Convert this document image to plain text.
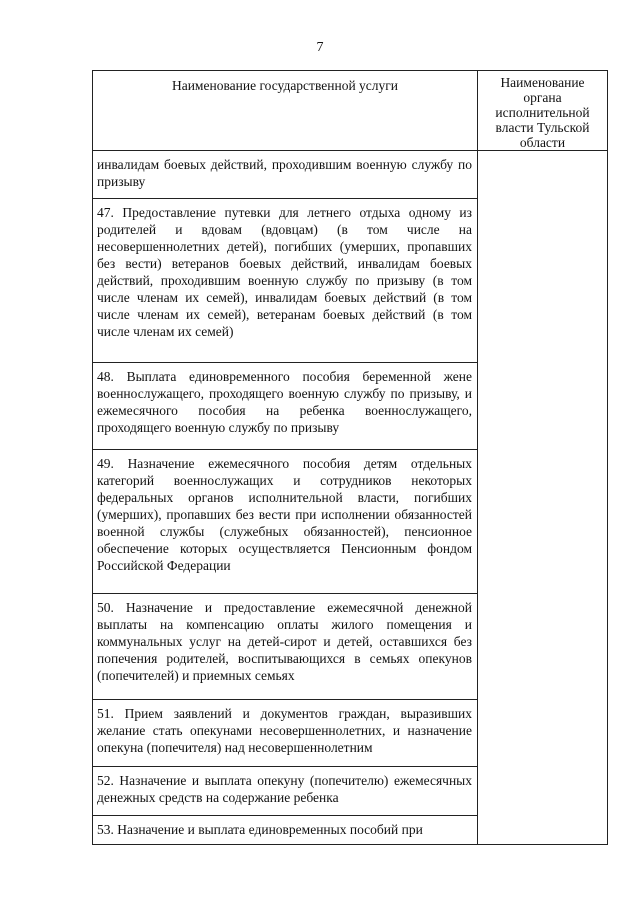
7
Наименование государственной услуги	Наименование органа исполнительной власти Тульской области

инвалидам боевых действий, проходившим военную службу по призыву	

47. Предоставление путевки для летнего отдыха одному из родителей и вдовам (вдовцам) (в том числе на несовершеннолетних детей), погибших (умерших, пропавших без вести) ветеранов боевых действий, инвалидам боевых действий, проходившим военную службу по призыву (в том числе членам их семей), инвалидам боевых действий (в том числе членам их семей), ветеранам боевых действий (в том числе членам их семей)	

48. Выплата единовременного пособия беременной жене военнослужащего, проходящего военную службу по призыву, и ежемесячного пособия на ребенка военнослужащего, проходящего военную службу по призыву	

49. Назначение ежемесячного пособия детям отдельных категорий военнослужащих и сотрудников некоторых федеральных органов исполнительной власти, погибших (умерших), пропавших без вести при исполнении обязанностей военной службы (служебных обязанностей), пенсионное обеспечение которых осуществляется Пенсионным фондом Российской Федерации	

50. Назначение и предоставление ежемесячной денежной выплаты на компенсацию оплаты жилого помещения и коммунальных услуг на детей-сирот и детей, оставшихся без попечения родителей, воспитывающихся в семьях опекунов (попечителей) и приемных семьях	

51. Прием заявлений и документов граждан, выразивших желание стать опекунами несовершеннолетних, и назначение опекуна (попечителя) над несовершеннолетним	

52. Назначение и выплата опекуну (попечителю) ежемесячных денежных средств на содержание ребенка	

53. Назначение и выплата единовременных пособий при	
